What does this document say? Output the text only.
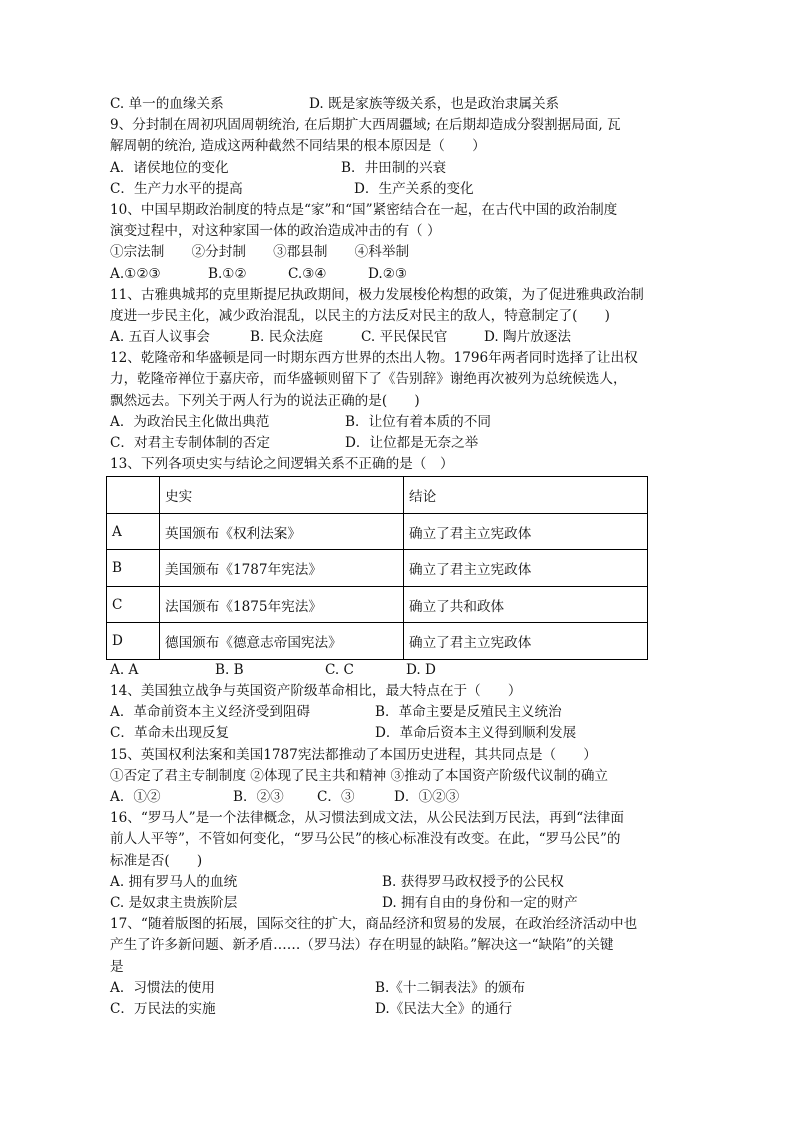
C. 单一的血缘关系	D. 既是家族等级关系，也是政治隶属关系
9、分封制在周初巩固周朝统治, 在后期扩大西周疆域; 在后期却造成分裂割据局面, 瓦
解周朝的统治, 造成这两种截然不同结果的根本原因是（　　）
A．诸侯地位的变化	B．井田制的兴衰
C．生产力水平的提高	D．生产关系的变化
10、中国早期政治制度的特点是“家”和“国”紧密结合在一起，在古代中国的政治制度
演变过程中，对这种家国一体的政治造成冲击的有（ ）
①宗法制　　②分封制　　③郡县制　　④科举制
A.①②③	B.①②	C.③④	D.②③
11、古雅典城邦的克里斯提尼执政期间，极力发展梭伦构想的政策，为了促进雅典政治制
度进一步民主化，减少政治混乱，以民主的方法反对民主的敌人，特意制定了(　　)
A. 五百人议事会	B. 民众法庭	C. 平民保民官	D. 陶片放逐法
12、乾隆帝和华盛顿是同一时期东西方世界的杰出人物。1796年两者同时选择了让出权
力，乾隆帝禅位于嘉庆帝，而华盛顿则留下了《告别辞》谢绝再次被列为总统候选人，
飘然远去。下列关于两人行为的说法正确的是(　　)
A．为政治民主化做出典范	B．让位有着本质的不同
C．对君主专制体制的否定	D．让位都是无奈之举
13、下列各项史实与结论之间逻辑关系不正确的是（　）
	史实	结论
A	英国颁布《权利法案》	确立了君主立宪政体
B	美国颁布《1787年宪法》	确立了君主立宪政体
C	法国颁布《1875年宪法》	确立了共和政体
D	德国颁布《德意志帝国宪法》	确立了君主立宪政体
A. A	B. B	C. C	D. D
14、美国独立战争与英国资产阶级革命相比，最大特点在于（　　）
A．革命前资本主义经济受到阻碍	B．革命主要是反殖民主义统治
C．革命未出现反复	D．革命后资本主义得到顺利发展
15、英国权利法案和美国1787宪法都推动了本国历史进程，其共同点是（　　）
①否定了君主专制制度 ②体现了民主共和精神 ③推动了本国资产阶级代议制的确立
A．①②	B．②③ C．③	D．①②③
16、“罗马人”是一个法律概念，从习惯法到成文法，从公民法到万民法，再到“法律面
前人人平等”，不管如何变化，“罗马公民”的核心标准没有改变。在此，“罗马公民”的
标准是否(　　)
A. 拥有罗马人的血统	B. 获得罗马政权授予的公民权
C. 是奴隶主贵族阶层	D. 拥有自由的身份和一定的财产
17、“随着版图的拓展，国际交往的扩大，商品经济和贸易的发展，在政治经济活动中也
产生了许多新问题、新矛盾……（罗马法）存在明显的缺陷。”解决这一“缺陷”的关键
是
A．习惯法的使用	B.《十二铜表法》的颁布
C．万民法的实施	D.《民法大全》的通行
